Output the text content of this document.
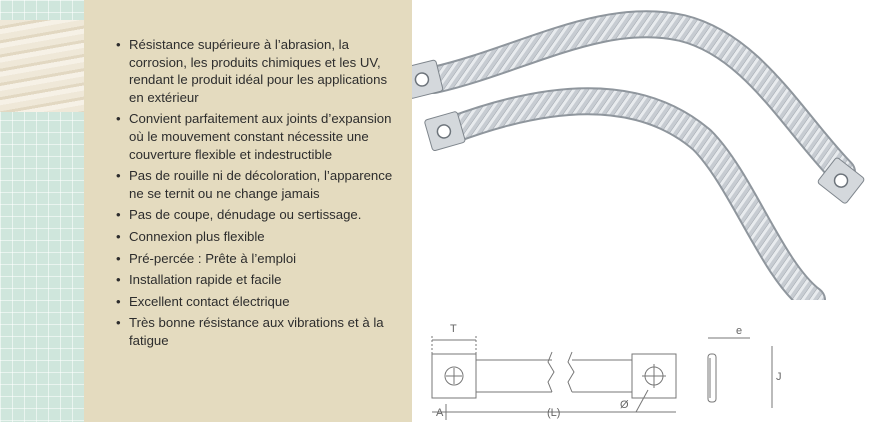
• Résistance supérieure à l’abrasion, la corrosion, les produits chimiques et les UV, rendant le produit idéal pour les applications en extérieur
• Convient parfaitement aux joints d’expansion où le mouvement constant nécessite une couverture flexible et indestructible
• Pas de rouille ni de décoloration, l’apparence ne se ternit ou ne change jamais
• Pas de coupe, dénudage ou sertissage.
• Connexion plus flexible
• Pré-percée : Prête à l’emploi
• Installation rapide et facile
• Excellent contact électrique
• Très bonne résistance aux vibrations et à la fatigue
T
A	(L)
Ø
e
J
